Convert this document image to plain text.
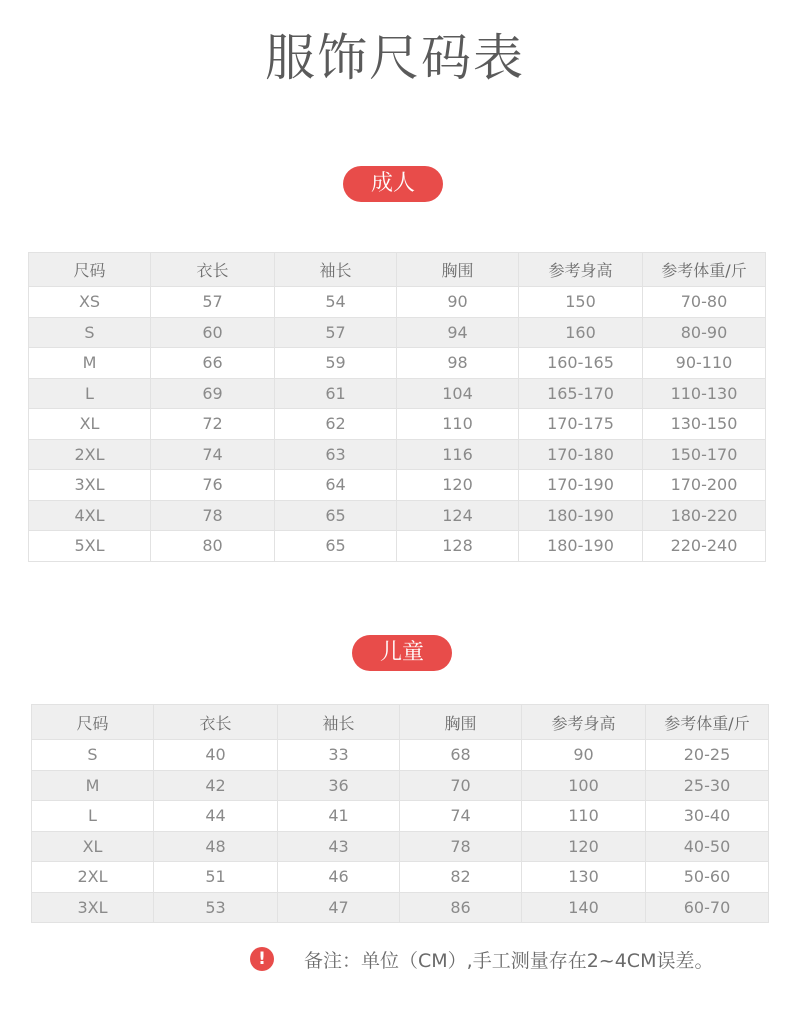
服饰尺码表
成人
尺码	衣长	袖长	胸围	参考身高	参考体重/斤
XS	57	54	90	150	70-80
S	60	57	94	160	80-90
M	66	59	98	160-165	90-110
L	69	61	104	165-170	110-130
XL	72	62	110	170-175	130-150
2XL	74	63	116	170-180	150-170
3XL	76	64	120	170-190	170-200
4XL	78	65	124	180-190	180-220
5XL	80	65	128	180-190	220-240
儿童
尺码	衣长	袖长	胸围	参考身高	参考体重/斤
S	40	33	68	90	20-25
M	42	36	70	100	25-30
L	44	41	74	110	30-40
XL	48	43	78	120	40-50
2XL	51	46	82	130	50-60
3XL	53	47	86	140	60-70
!	备注：单位（CM）,手工测量存在2~4CM误差。
